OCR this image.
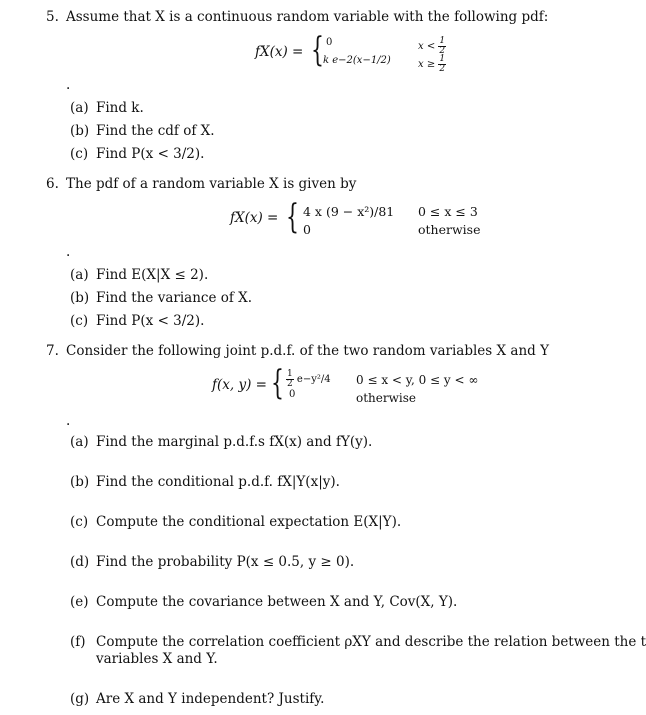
5. Assume that X is a continuous random variable with the following pdf:
fX(x) = { 0
k e−2(x−1/2)
$x < \frac{1}{2}$
$x \ge \frac{1}{2}$
.
(a) Find k.
(b) Find the cdf of X.
(c) Find P(x < 3/2).
6. The pdf of a random variable X is given by
fX(x) = { 4 x (9 − x²)/81
0
0 ≤ x ≤ 3
otherwise
.
(a) Find E(X|X ≤ 2).
(b) Find the variance of X.
(c) Find P(x < 3/2).
7. Consider the following joint p.d.f. of the two random variables X and Y
f(x, y) = { $\frac{1}{2} e-y^2/4$
0
0 ≤ x < y, 0 ≤ y < ∞
otherwise
.
(a) Find the marginal p.d.f.s fX(x) and fY(y).
(b) Find the conditional p.d.f. fX|Y(x|y).
(c) Compute the conditional expectation E(X|Y).
(d) Find the probability P(x ≤ 0.5, y ≥ 0).
(e) Compute the covariance between X and Y, Cov(X, Y).
(f) Compute the correlation coefficient ρXY and describe the relation between the t
variables X and Y.
(g) Are X and Y independent? Justify.
